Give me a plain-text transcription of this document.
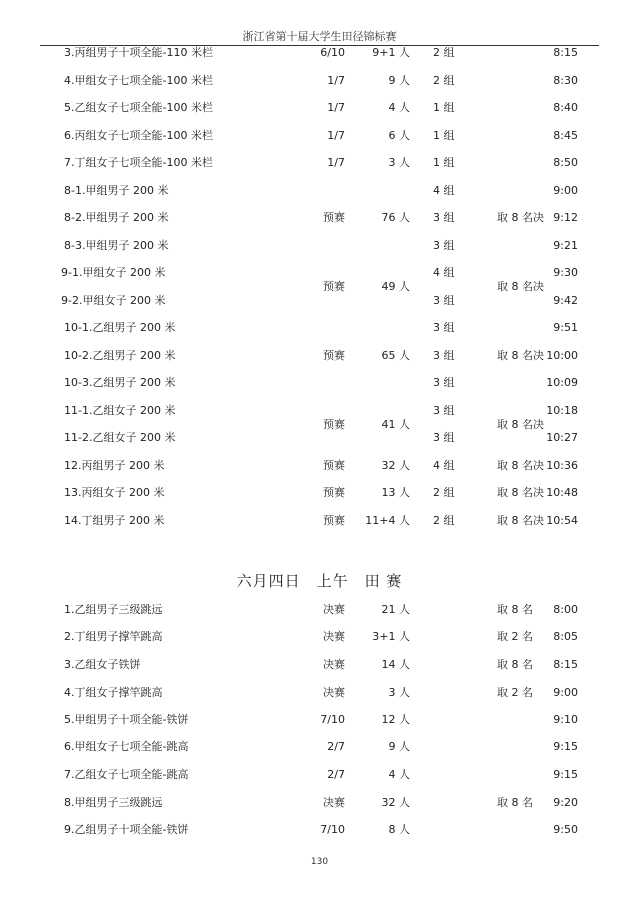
浙江省第十届大学生田径锦标赛
3.丙组男子十项全能-110 米栏	6/10	9+1 人 2 组	8:15
4.甲组女子七项全能-100 米栏	1/7	9 人 2 组	8:30
5.乙组女子七项全能-100 米栏	1/7	4 人 1 组	8:40
6.丙组女子七项全能-100 米栏	1/7	6 人 1 组	8:45
7.丁组女子七项全能-100 米栏	1/7	3 人 1 组	8:50
8-1.甲组男子 200 米	4 组	9:00
8-2.甲组男子 200 米	预赛	76 人 3 组	取 8 名决 9:12
8-3.甲组男子 200 米	3 组	9:21
9-1.甲组女子 200 米	4 组	9:30
预赛	49 人	取 8 名决
9-2.甲组女子 200 米	3 组	9:42
10-1.乙组男子 200 米	3 组	9:51
10-2.乙组男子 200 米	预赛	65 人 3 组	取 8 名决 10:00
10-3.乙组男子 200 米	3 组	10:09
11-1.乙组女子 200 米	3 组	10:18
预赛	41 人	取 8 名决
11-2.乙组女子 200 米	3 组	10:27
12.丙组男子 200 米	预赛	32 人 4 组	取 8 名决 10:36
13.丙组女子 200 米	预赛	13 人 2 组	取 8 名决 10:48
14.丁组男子 200 米	预赛	11+4 人 2 组	取 8 名决 10:54
六月四日　上午　田 赛
1.乙组男子三级跳远	决赛	21 人	取 8 名	8:00
2.丁组男子撑竿跳高	决赛	3+1 人	取 2 名	8:05
3.乙组女子铁饼	决赛	14 人	取 8 名	8:15
4.丁组女子撑竿跳高	决赛	3 人	取 2 名	9:00
5.甲组男子十项全能-铁饼	7/10	12 人	9:10
6.甲组女子七项全能-跳高	2/7	9 人	9:15
7.乙组女子七项全能-跳高	2/7	4 人	9:15
8.甲组男子三级跳远	决赛	32 人	取 8 名	9:20
9.乙组男子十项全能-铁饼	7/10	8 人	9:50
130
